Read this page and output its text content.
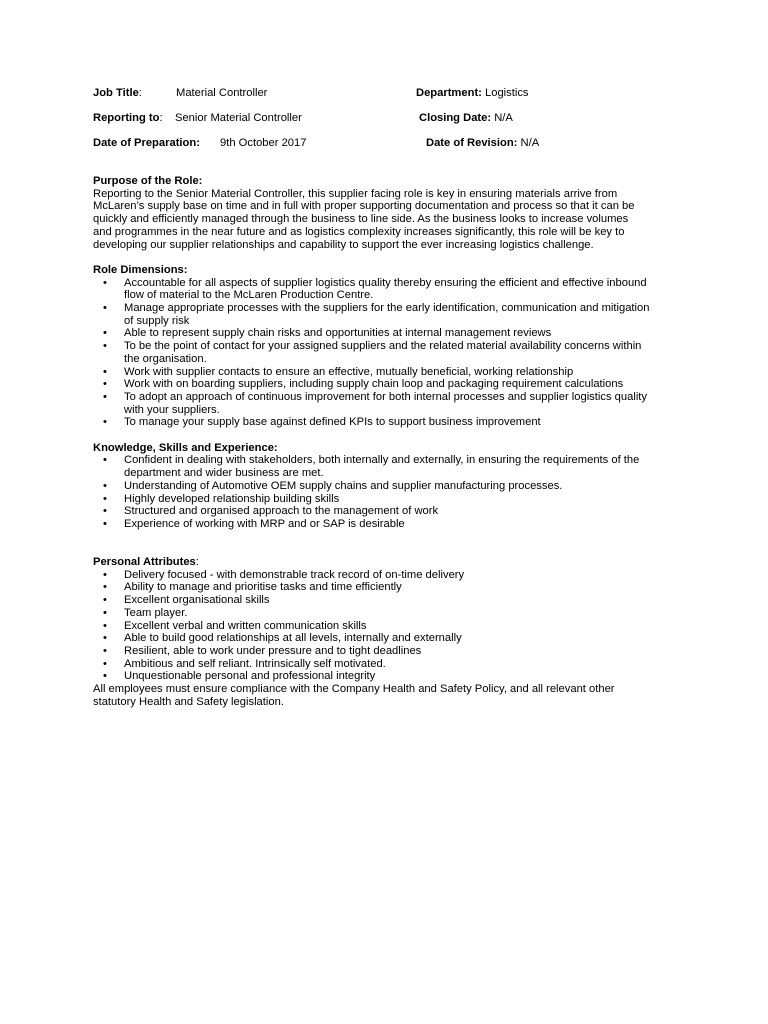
Job Title:	Material Controller	Department: Logistics
Reporting to: Senior Material Controller	Closing Date: N/A
Date of Preparation: 9th October 2017	Date of Revision: N/A
Purpose of the Role:
Reporting to the Senior Material Controller, this supplier facing role is key in ensuring materials arrive from
McLaren’s supply base on time and in full with proper supporting documentation and process so that it can be
quickly and efficiently managed through the business to line side. As the business looks to increase volumes
and programmes in the near future and as logistics complexity increases significantly, this role will be key to
developing our supplier relationships and capability to support the ever increasing logistics challenge.
Role Dimensions:
• Accountable for all aspects of supplier logistics quality thereby ensuring the efficient and effective inbound
flow of material to the McLaren Production Centre.
• Manage appropriate processes with the suppliers for the early identification, communication and mitigation
of supply risk
• Able to represent supply chain risks and opportunities at internal management reviews
• To be the point of contact for your assigned suppliers and the related material availability concerns within
the organisation.
• Work with supplier contacts to ensure an effective, mutually beneficial, working relationship
• Work with on boarding suppliers, including supply chain loop and packaging requirement calculations
• To adopt an approach of continuous improvement for both internal processes and supplier logistics quality
with your suppliers.
• To manage your supply base against defined KPIs to support business improvement
Knowledge, Skills and Experience:
• Confident in dealing with stakeholders, both internally and externally, in ensuring the requirements of the
department and wider business are met.
• Understanding of Automotive OEM supply chains and supplier manufacturing processes.
• Highly developed relationship building skills
• Structured and organised approach to the management of work
• Experience of working with MRP and or SAP is desirable
Personal Attributes:
• Delivery focused - with demonstrable track record of on-time delivery
• Ability to manage and prioritise tasks and time efficiently
• Excellent organisational skills
• Team player.
• Excellent verbal and written communication skills
• Able to build good relationships at all levels, internally and externally
• Resilient, able to work under pressure and to tight deadlines
• Ambitious and self reliant. Intrinsically self motivated.
• Unquestionable personal and professional integrity
All employees must ensure compliance with the Company Health and Safety Policy, and all relevant other
statutory Health and Safety legislation.
